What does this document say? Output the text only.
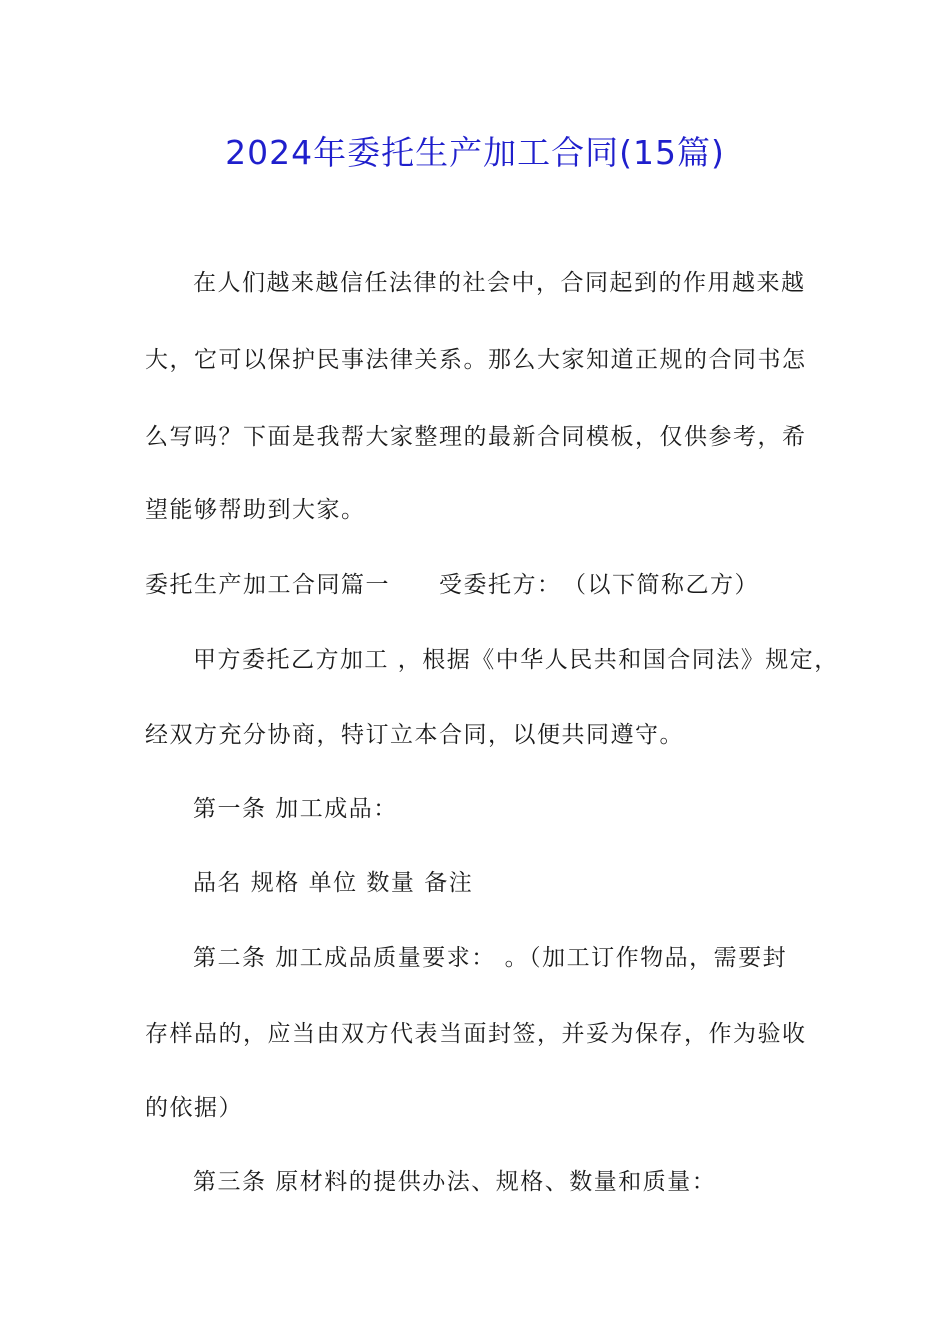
2024年委托生产加工合同(15篇)

在人们越来越信任法律的社会中，合同起到的作用越来越

大，它可以保护民事法律关系。那么大家知道正规的合同书怎

么写吗？下面是我帮大家整理的最新合同模板，仅供参考，希

望能够帮助到大家。

委托生产加工合同篇一　　受委托方：　（以下简称乙方）

甲方委托乙方加工 ，根据《中华人民共和国合同法》规定，

经双方充分协商，特订立本合同，以便共同遵守。

第一条 加工成品：

品名 规格 单位 数量 备注

第二条 加工成品质量要求： 。（加工订作物品，需要封

存样品的，应当由双方代表当面封签，并妥为保存，作为验收

的依据）

第三条 原材料的提供办法、规格、数量和质量：
